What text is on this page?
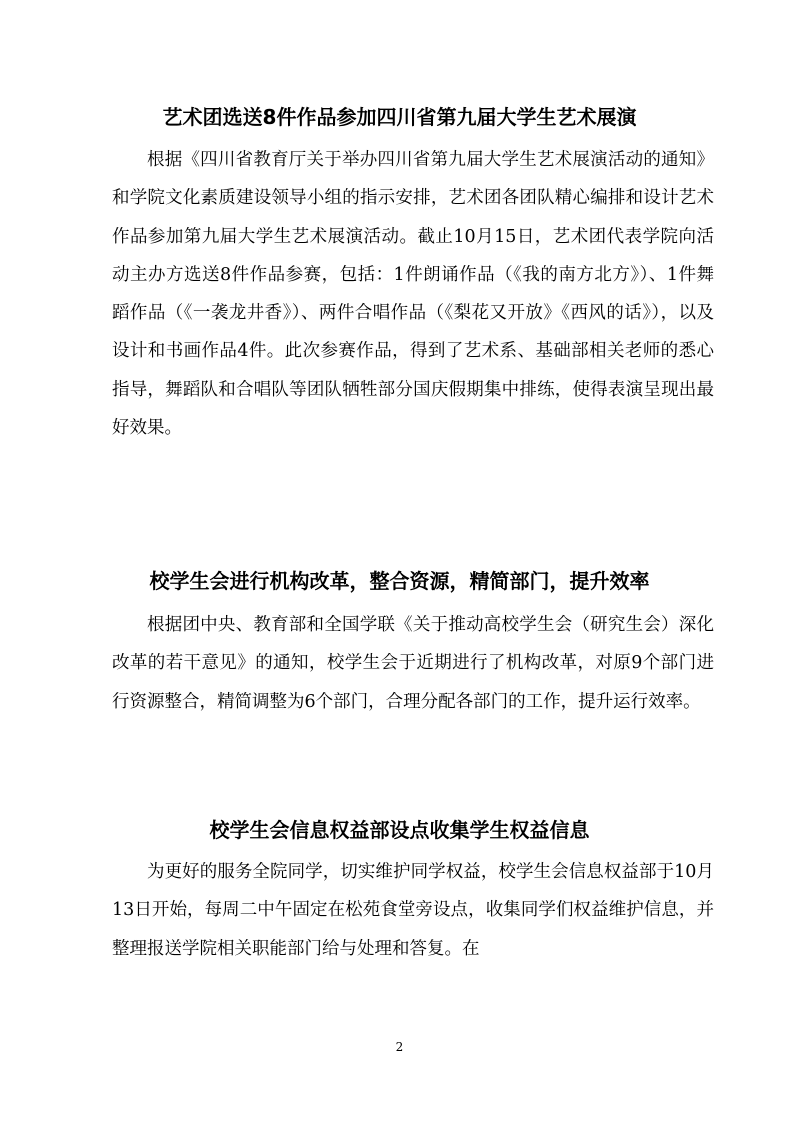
艺术团选送8件作品参加四川省第九届大学生艺术展演

根据《四川省教育厅关于举办四川省第九届大学生艺术展演活动的通知》和学院文化素质建设领导小组的指示安排，艺术团各团队精心编排和设计艺术作品参加第九届大学生艺术展演活动。截止10月15日，艺术团代表学院向活动主办方选送8件作品参赛，包括：1件朗诵作品（《我的南方北方》）、1件舞蹈作品（《一袭龙井香》）、两件合唱作品（《梨花又开放》《西风的话》），以及设计和书画作品4件。此次参赛作品，得到了艺术系、基础部相关老师的悉心指导，舞蹈队和合唱队等团队牺牲部分国庆假期集中排练，使得表演呈现出最好效果。

校学生会进行机构改革，整合资源，精简部门，提升效率

根据团中央、教育部和全国学联《关于推动高校学生会（研究生会）深化改革的若干意见》的通知，校学生会于近期进行了机构改革，对原9个部门进行资源整合，精简调整为6个部门，合理分配各部门的工作，提升运行效率。

校学生会信息权益部设点收集学生权益信息

为更好的服务全院同学，切实维护同学权益，校学生会信息权益部于10月13日开始，每周二中午固定在松苑食堂旁设点，收集同学们权益维护信息，并整理报送学院相关职能部门给与处理和答复。在

2
